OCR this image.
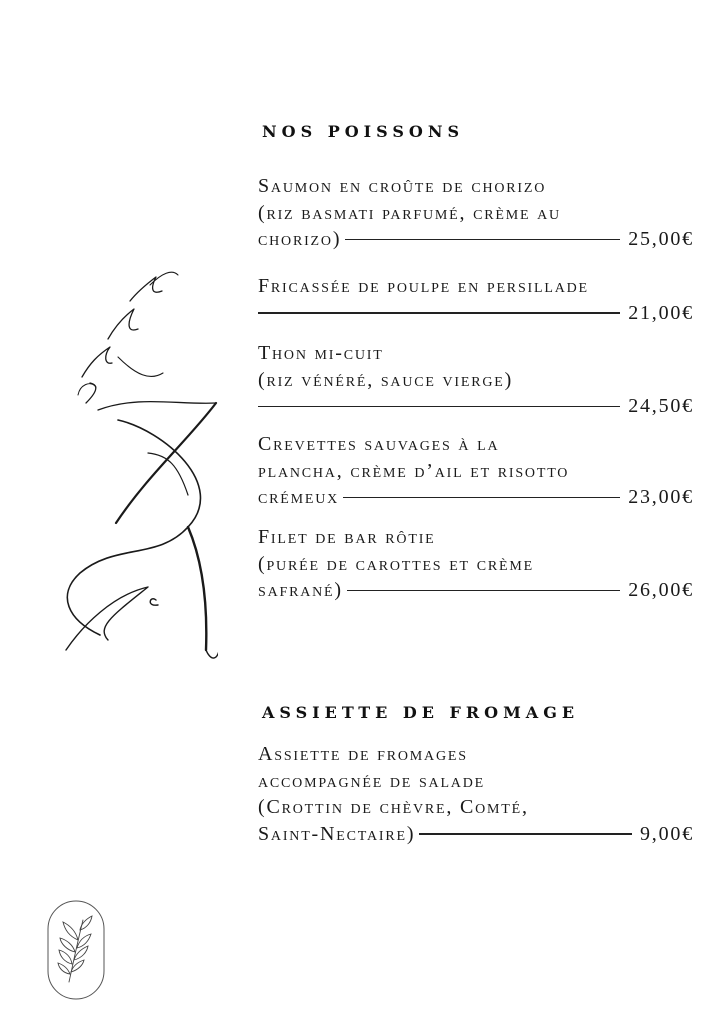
NOS POISSONS
Saumon en croûte de chorizo
(riz basmati parfumé, crème au
chorizo)	25,00€
Fricassée de poulpe en persillade
21,00€
Thon mi-cuit
(riz vénéré, sauce vierge)
24,50€
Crevettes sauvages à la
plancha, crème d’ail et risotto
crémeux	23,00€
Filet de bar rôtie
(purée de carottes et crème
safrané)	26,00€
ASSIETTE DE FROMAGE
Assiette de fromages
accompagnée de salade
(Crottin de chèvre, Comté,
Saint-Nectaire)	9,00€
